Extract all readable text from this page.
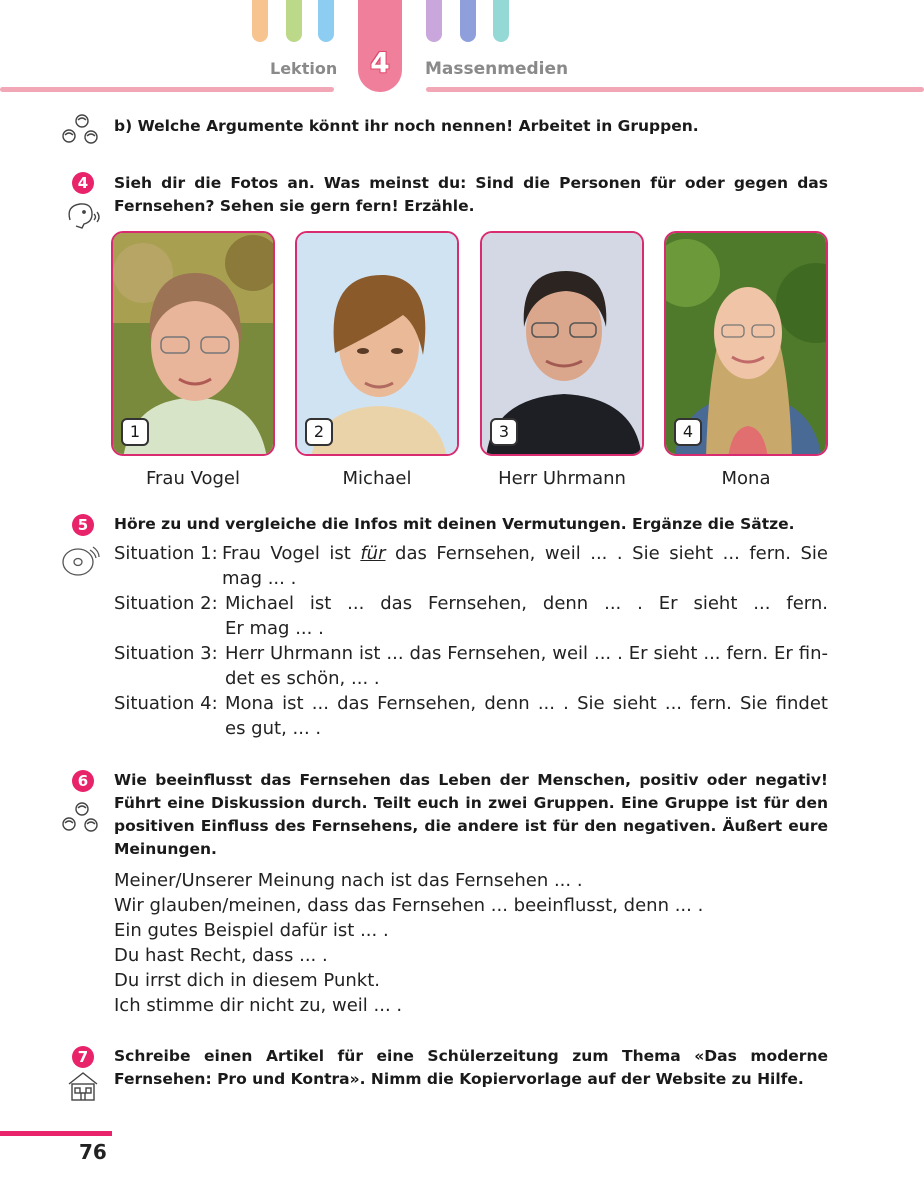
4
Lektion	Massenmedien
b) Welche Argumente könnt ihr noch nennen! Arbeitet in Gruppen.
4	Sieh dir die Fotos an. Was meinst du: Sind die Personen für oder gegen das Fernsehen? Sehen sie gern fern! Erzähle.
1	2	3	4
Frau Vogel	Michael	Herr Uhrmann	Mona
5	Höre zu und vergleiche die Infos mit deinen Vermutungen. Ergänze die Sätze.
Situation 1: Frau Vogel ist für das Fernsehen, weil ... . Sie sieht ... fern. Sie
mag ... .
Situation 2: Michael ist ... das Fernsehen, denn ... . Er sieht ... fern.
Er mag ... .
Situation 3: Herr Uhrmann ist ... das Fernsehen, weil ... . Er sieht ... fern. Er fin-
det es schön, ... .
Situation 4: Mona ist ... das Fernsehen, denn ... . Sie sieht ... fern. Sie findet
es gut, ... .
6	Wie beeinflusst das Fernsehen das Leben der Menschen, positiv oder negativ! Führt eine Diskussion durch. Teilt euch in zwei Gruppen. Eine Gruppe ist für den positiven Einfluss des Fernsehens, die andere ist für den negativen. Äußert eure Meinungen.
Meiner/Unserer Meinung nach ist das Fernsehen ... .
Wir glauben/meinen, dass das Fernsehen ... beeinflusst, denn ... .
Ein gutes Beispiel dafür ist ... .
Du hast Recht, dass ... .
Du irrst dich in diesem Punkt.
Ich stimme dir nicht zu, weil ... .
7	Schreibe einen Artikel für eine Schülerzeitung zum Thema «Das moderne Fernsehen: Pro und Kontra». Nimm die Kopiervorlage auf der Website zu Hilfe.
76
